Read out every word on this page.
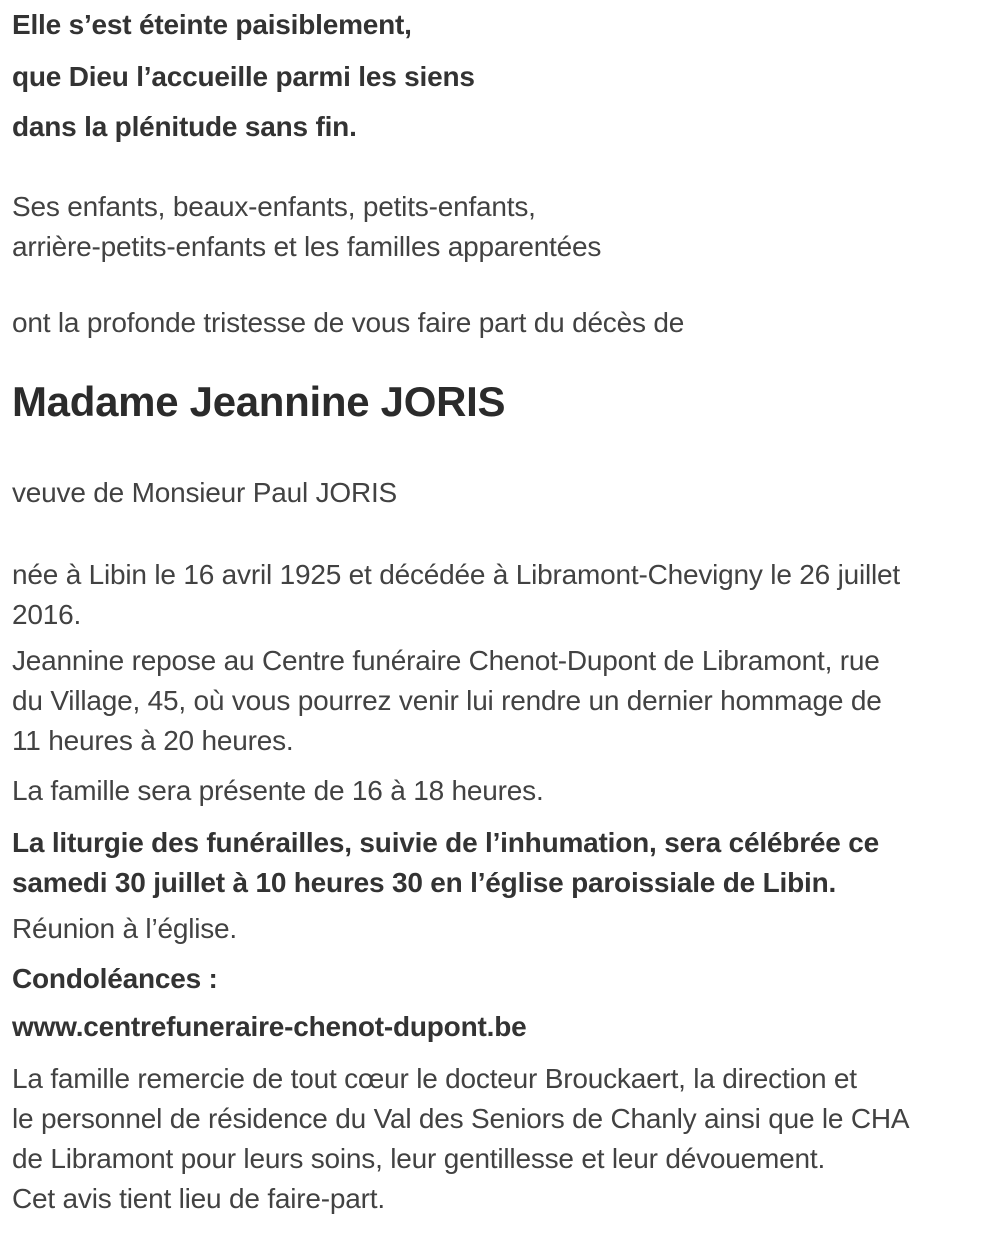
Elle s’est éteinte paisiblement,

que Dieu l’accueille parmi les siens

dans la plénitude sans fin.

Ses enfants, beaux-enfants, petits-enfants,
arrière-petits-enfants et les familles apparentées

ont la profonde tristesse de vous faire part du décès de

Madame Jeannine JORIS

veuve de Monsieur Paul JORIS

née à Libin le 16 avril 1925 et décédée à Libramont-Chevigny le 26 juillet
2016.

Jeannine repose au Centre funéraire Chenot-Dupont de Libramont, rue
du Village, 45, où vous pourrez venir lui rendre un dernier hommage de
11 heures à 20 heures.

La famille sera présente de 16 à 18 heures.

La liturgie des funérailles, suivie de l’inhumation, sera célébrée ce
samedi 30 juillet à 10 heures 30 en l’église paroissiale de Libin.

Réunion à l’église.

Condoléances :

www.centrefuneraire-chenot-dupont.be

La famille remercie de tout cœur le docteur Brouckaert, la direction et
le personnel de résidence du Val des Seniors de Chanly ainsi que le CHA
de Libramont pour leurs soins, leur gentillesse et leur dévouement.

Cet avis tient lieu de faire-part.
